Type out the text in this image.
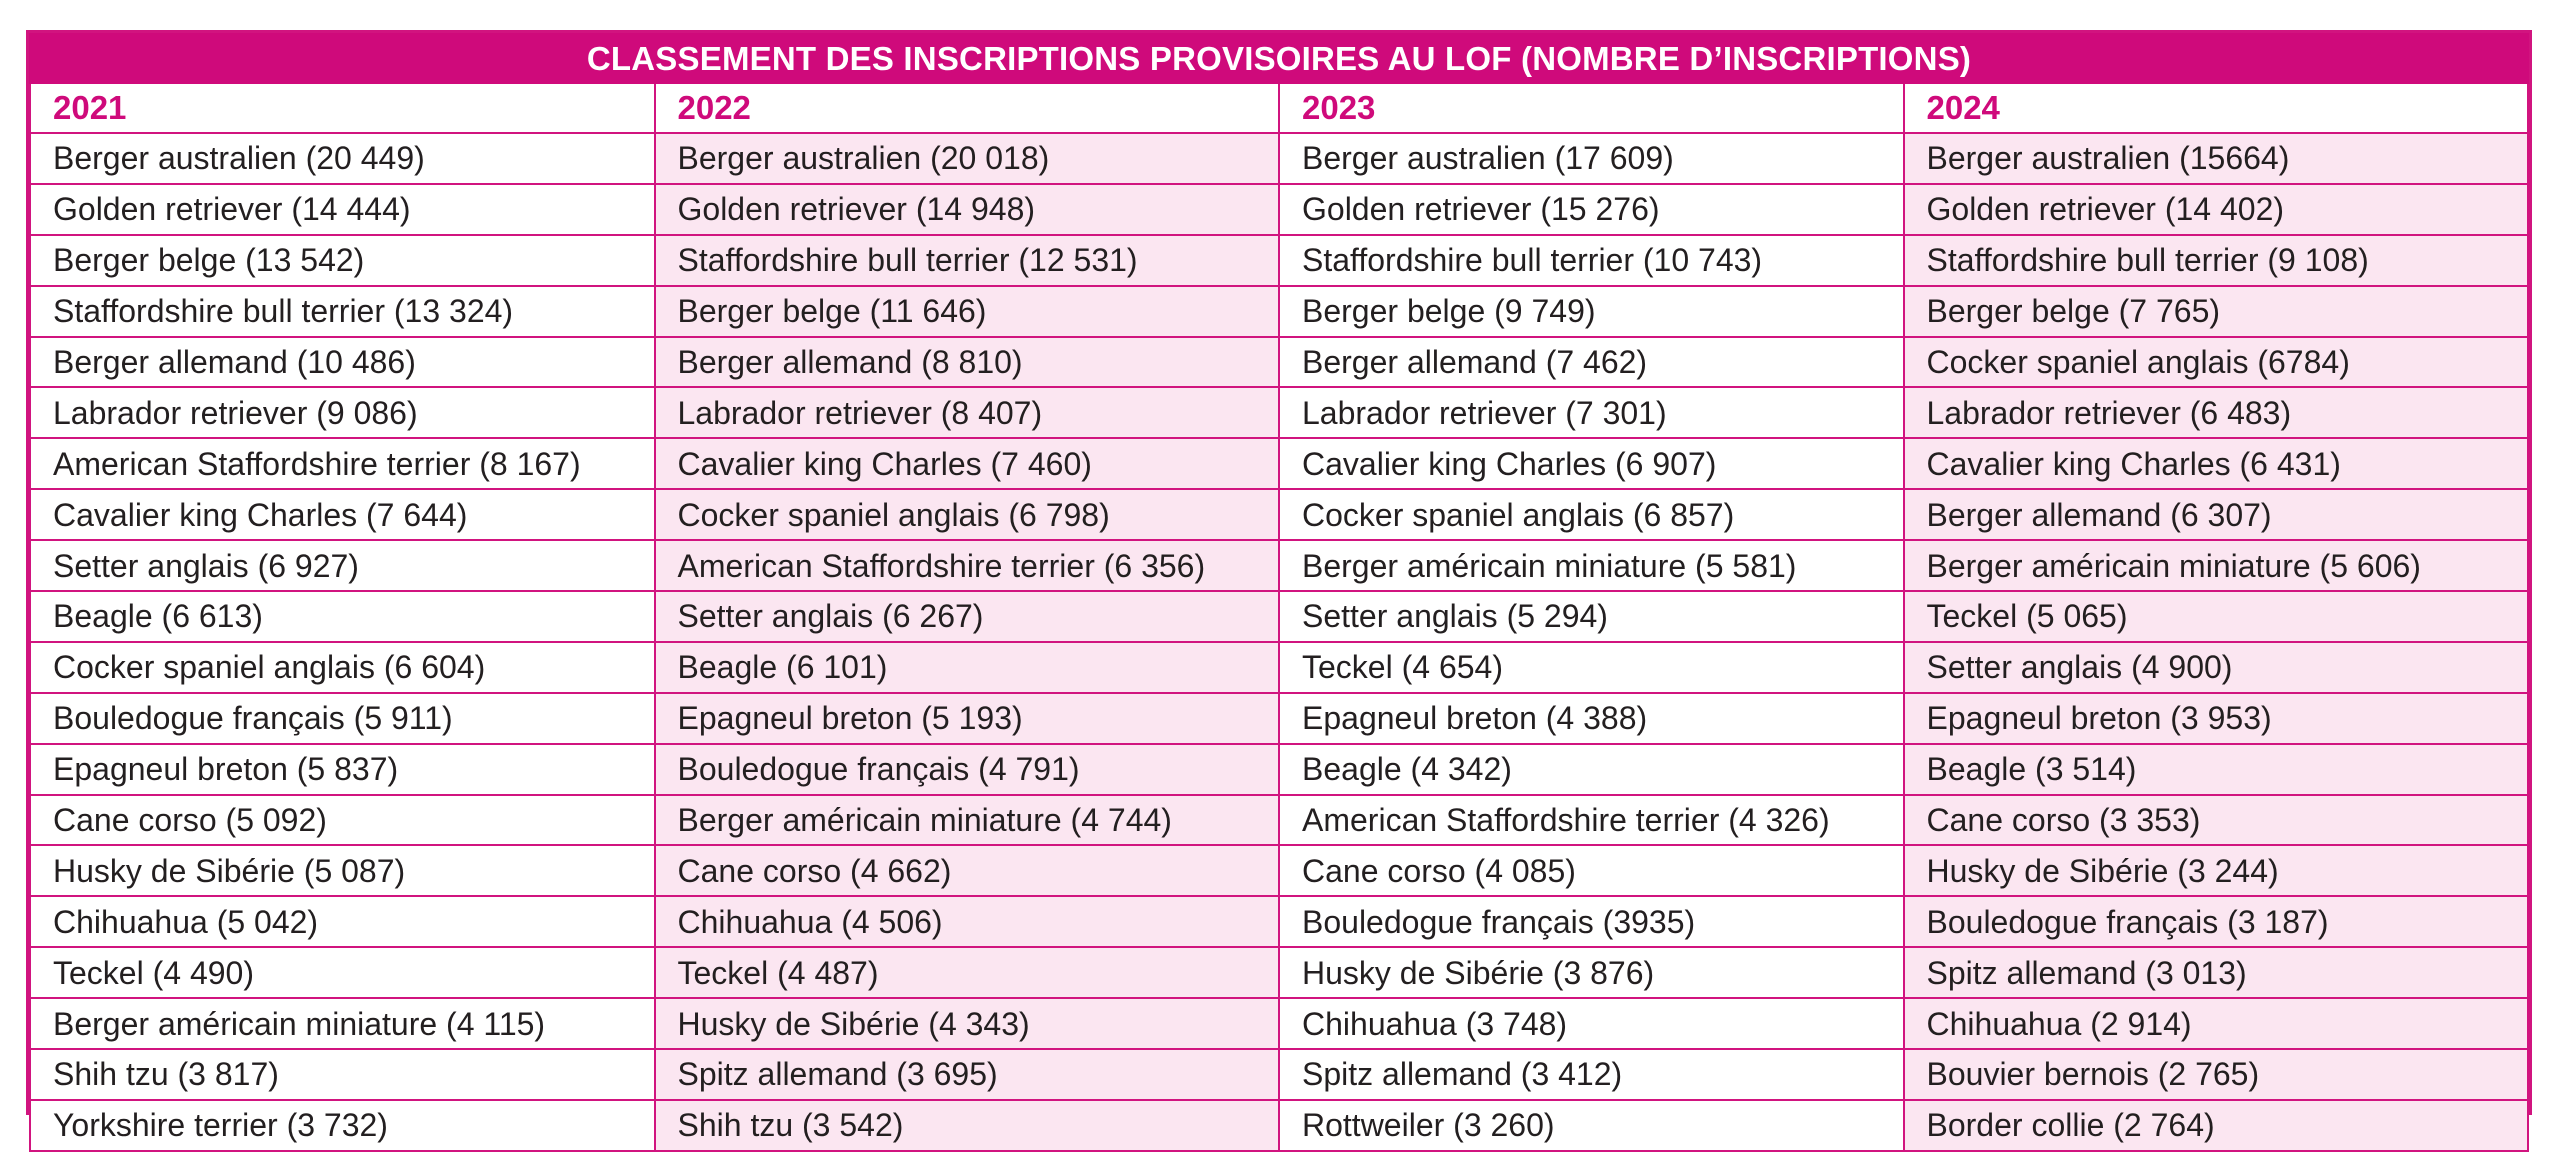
CLASSEMENT DES INSCRIPTIONS PROVISOIRES AU LOF (NOMBRE D’INSCRIPTIONS)			
2021	2022	2023	2024
Berger australien (20 449)	Berger australien (20 018)	Berger australien (17 609)	Berger australien (15664)
Golden retriever (14 444)	Golden retriever (14 948)	Golden retriever (15 276)	Golden retriever (14 402)
Berger belge (13 542)	Staffordshire bull terrier (12 531)	Staffordshire bull terrier (10 743)	Staffordshire bull terrier (9 108)
Staffordshire bull terrier (13 324)	Berger belge (11 646)	Berger belge (9 749)	Berger belge (7 765)
Berger allemand (10 486)	Berger allemand (8 810)	Berger allemand (7 462)	Cocker spaniel anglais (6784)
Labrador retriever (9 086)	Labrador retriever (8 407)	Labrador retriever (7 301)	Labrador retriever (6 483)
American Staffordshire terrier (8 167)	Cavalier king Charles (7 460)	Cavalier king Charles (6 907)	Cavalier king Charles (6 431)
Cavalier king Charles (7 644)	Cocker spaniel anglais (6 798)	Cocker spaniel anglais (6 857)	Berger allemand (6 307)
Setter anglais (6 927)	American Staffordshire terrier (6 356)	Berger américain miniature (5 581)	Berger américain miniature (5 606)
Beagle (6 613)	Setter anglais (6 267)	Setter anglais (5 294)	Teckel (5 065)
Cocker spaniel anglais (6 604)	Beagle (6 101)	Teckel (4 654)	Setter anglais (4 900)
Bouledogue français (5 911)	Epagneul breton (5 193)	Epagneul breton (4 388)	Epagneul breton (3 953)
Epagneul breton (5 837)	Bouledogue français (4 791)	Beagle (4 342)	Beagle (3 514)
Cane corso (5 092)	Berger américain miniature (4 744)	American Staffordshire terrier (4 326)	Cane corso (3 353)
Husky de Sibérie (5 087)	Cane corso (4 662)	Cane corso (4 085)	Husky de Sibérie (3 244)
Chihuahua (5 042)	Chihuahua (4 506)	Bouledogue français (3935)	Bouledogue français (3 187)
Teckel (4 490)	Teckel (4 487)	Husky de Sibérie (3 876)	Spitz allemand (3 013)
Berger américain miniature (4 115)	Husky de Sibérie (4 343)	Chihuahua (3 748)	Chihuahua (2 914)
Shih tzu (3 817)	Spitz allemand (3 695)	Spitz allemand (3 412)	Bouvier bernois (2 765)
Yorkshire terrier (3 732)	Shih tzu (3 542)	Rottweiler (3 260)	Border collie (2 764)
